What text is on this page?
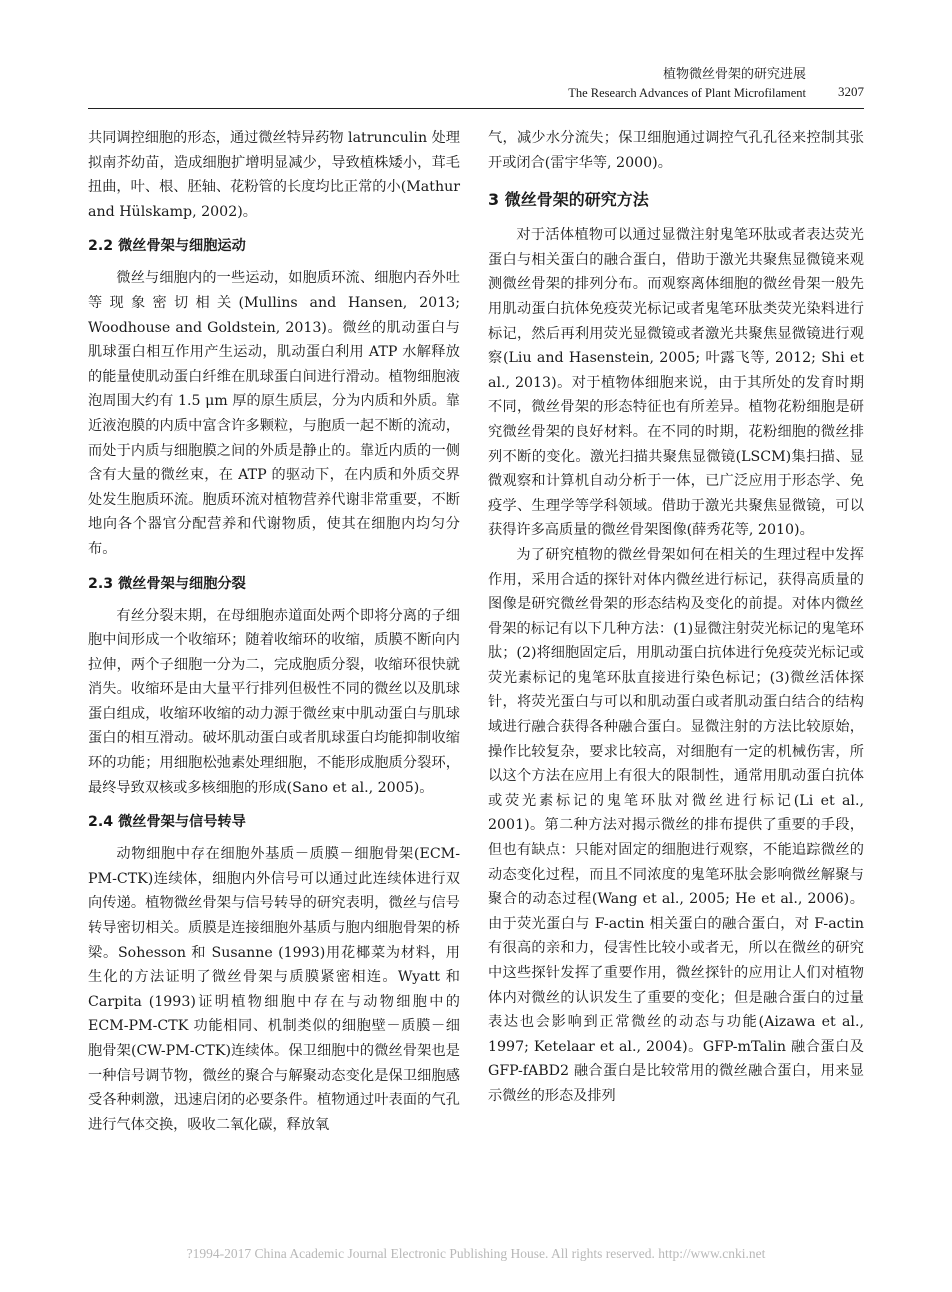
植物微丝骨架的研究进展
The Research Advances of Plant Microfilament 3207

共同调控细胞的形态，通过微丝特异药物 latrunculin 处理拟南芥幼苗，造成细胞扩增明显减少，导致植株矮小，茸毛扭曲，叶、根、胚轴、花粉管的长度均比正常的小(Mathur and Hülskamp, 2002)。

2.2 微丝骨架与细胞运动

微丝与细胞内的一些运动，如胞质环流、细胞内吞外吐等现象密切相关(Mullins and Hansen, 2013; Woodhouse and Goldstein, 2013)。微丝的肌动蛋白与肌球蛋白相互作用产生运动，肌动蛋白利用 ATP 水解释放的能量使肌动蛋白纤维在肌球蛋白间进行滑动。植物细胞液泡周围大约有 1.5 μm 厚的原生质层，分为内质和外质。靠近液泡膜的内质中富含许多颗粒，与胞质一起不断的流动，而处于内质与细胞膜之间的外质是静止的。靠近内质的一侧含有大量的微丝束，在 ATP 的驱动下，在内质和外质交界处发生胞质环流。胞质环流对植物营养代谢非常重要，不断地向各个器官分配营养和代谢物质，使其在细胞内均匀分布。

2.3 微丝骨架与细胞分裂

有丝分裂末期，在母细胞赤道面处两个即将分离的子细胞中间形成一个收缩环；随着收缩环的收缩，质膜不断向内拉伸，两个子细胞一分为二，完成胞质分裂，收缩环很快就消失。收缩环是由大量平行排列但极性不同的微丝以及肌球蛋白组成，收缩环收缩的动力源于微丝束中肌动蛋白与肌球蛋白的相互滑动。破坏肌动蛋白或者肌球蛋白均能抑制收缩环的功能；用细胞松弛素处理细胞，不能形成胞质分裂环，最终导致双核或多核细胞的形成(Sano et al., 2005)。

2.4 微丝骨架与信号转导

动物细胞中存在细胞外基质－质膜－细胞骨架(ECM-PM-CTK)连续体，细胞内外信号可以通过此连续体进行双向传递。植物微丝骨架与信号转导的研究表明，微丝与信号转导密切相关。质膜是连接细胞外基质与胞内细胞骨架的桥梁。Sohesson 和 Susanne (1993)用花椰菜为材料，用生化的方法证明了微丝骨架与质膜紧密相连。Wyatt 和 Carpita (1993)证明植物细胞中存在与动物细胞中的 ECM-PM-CTK 功能相同、机制类似的细胞壁－质膜－细胞骨架(CW-PM-CTK)连续体。保卫细胞中的微丝骨架也是一种信号调节物，微丝的聚合与解聚动态变化是保卫细胞感受各种刺激，迅速启闭的必要条件。植物通过叶表面的气孔进行气体交换，吸收二氧化碳，释放氧

气，减少水分流失；保卫细胞通过调控气孔孔径来控制其张开或闭合(雷宇华等, 2000)。

3 微丝骨架的研究方法

对于活体植物可以通过显微注射鬼笔环肽或者表达荧光蛋白与相关蛋白的融合蛋白，借助于激光共聚焦显微镜来观测微丝骨架的排列分布。而观察离体细胞的微丝骨架一般先用肌动蛋白抗体免疫荧光标记或者鬼笔环肽类荧光染料进行标记，然后再利用荧光显微镜或者激光共聚焦显微镜进行观察(Liu and Hasenstein, 2005; 叶露飞等, 2012; Shi et al., 2013)。对于植物体细胞来说，由于其所处的发育时期不同，微丝骨架的形态特征也有所差异。植物花粉细胞是研究微丝骨架的良好材料。在不同的时期，花粉细胞的微丝排列不断的变化。激光扫描共聚焦显微镜(LSCM)集扫描、显微观察和计算机自动分析于一体，已广泛应用于形态学、免疫学、生理学等学科领域。借助于激光共聚焦显微镜，可以获得许多高质量的微丝骨架图像(薛秀花等, 2010)。

为了研究植物的微丝骨架如何在相关的生理过程中发挥作用，采用合适的探针对体内微丝进行标记，获得高质量的图像是研究微丝骨架的形态结构及变化的前提。对体内微丝骨架的标记有以下几种方法：(1)显微注射荧光标记的鬼笔环肽；(2)将细胞固定后，用肌动蛋白抗体进行免疫荧光标记或荧光素标记的鬼笔环肽直接进行染色标记；(3)微丝活体探针，将荧光蛋白与可以和肌动蛋白或者肌动蛋白结合的结构域进行融合获得各种融合蛋白。显微注射的方法比较原始，操作比较复杂，要求比较高，对细胞有一定的机械伤害，所以这个方法在应用上有很大的限制性，通常用肌动蛋白抗体或荧光素标记的鬼笔环肽对微丝进行标记(Li et al., 2001)。第二种方法对揭示微丝的排布提供了重要的手段，但也有缺点：只能对固定的细胞进行观察，不能追踪微丝的动态变化过程，而且不同浓度的鬼笔环肽会影响微丝解聚与聚合的动态过程(Wang et al., 2005; He et al., 2006)。由于荧光蛋白与 F-actin 相关蛋白的融合蛋白，对 F-actin 有很高的亲和力，侵害性比较小或者无，所以在微丝的研究中这些探针发挥了重要作用，微丝探针的应用让人们对植物体内对微丝的认识发生了重要的变化；但是融合蛋白的过量表达也会影响到正常微丝的动态与功能(Aizawa et al., 1997; Ketelaar et al., 2004)。GFP-mTalin 融合蛋白及 GFP-fABD2 融合蛋白是比较常用的微丝融合蛋白，用来显示微丝的形态及排列

?1994-2017 China Academic Journal Electronic Publishing House. All rights reserved. http://www.cnki.net
